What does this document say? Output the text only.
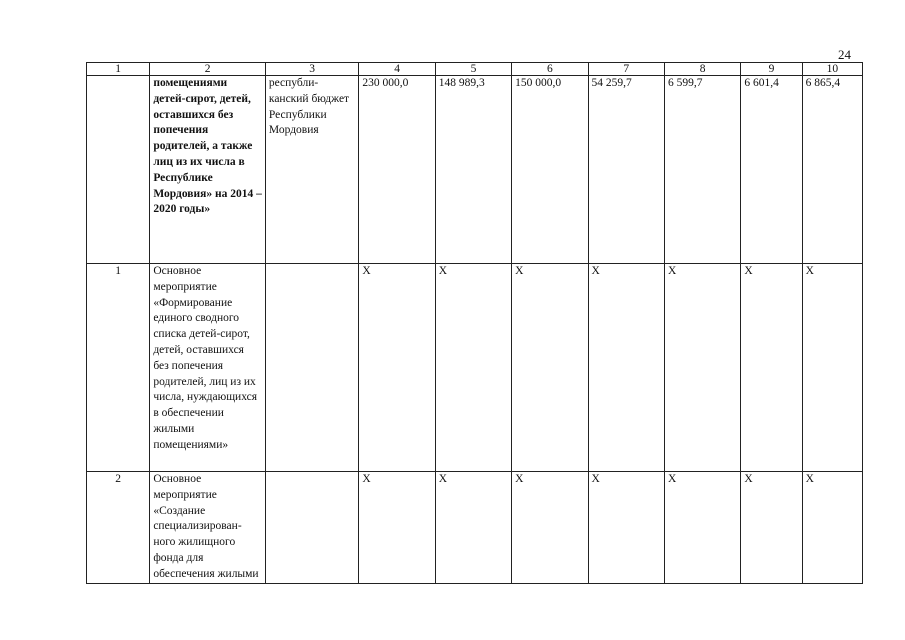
24
1	2	3	4	5	6	7	8	9	10
	помещениями детей-сирот, детей, оставшихся без попечения родителей, а также лиц из их числа в Республике Мордовия» на 2014 – 2020 годы»	республи-канский бюджет Республики Мордовия	230 000,0	148 989,3	150 000,0	54 259,7	6 599,7	6 601,4	6 865,4
1	Основное мероприятие «Формирование единого сводного списка детей-сирот, детей, оставшихся без попечения родителей, лиц из их числа, нуждающихся в обеспечении жилыми помещениями»		Х	Х	Х	Х	Х	Х	Х
2	Основное мероприятие «Создание специализирован-ного жилищного фонда для обеспечения жилыми		Х	Х	Х	Х	Х	Х	Х
